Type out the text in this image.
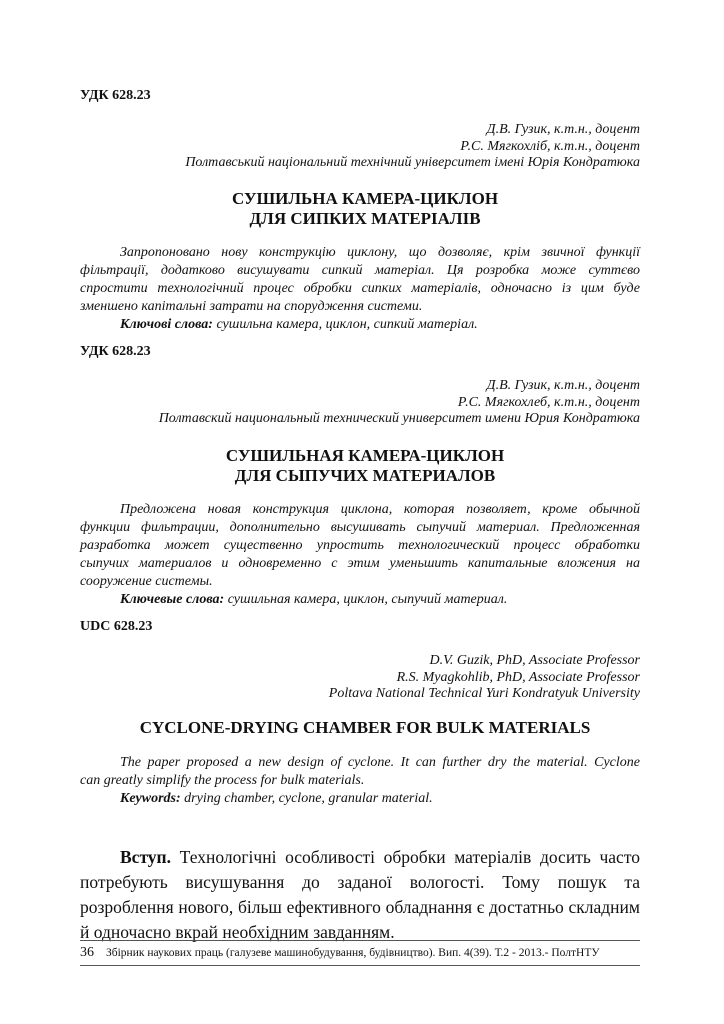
УДК 628.23
Д.В. Гузик, к.т.н., доцент
Р.С. Мягкохліб, к.т.н., доцент
Полтавський національний технічний університет імені Юрія Кондратюка
СУШИЛЬНА КАМЕРА-ЦИКЛОН
ДЛЯ СИПКИХ МАТЕРІАЛІВ
Запропоновано нову конструкцію циклону, що дозволяє, крім звичної функції
фільтрації, додатково висушувати сипкий матеріал. Ця розробка може суттєво
спростити технологічний процес обробки сипких матеріалів, одночасно із цим буде
зменшено капітальні затрати на спорудження системи.
Ключові слова: сушильна камера, циклон, сипкий матеріал.
УДК 628.23
Д.В. Гузик, к.т.н., доцент
Р.С. Мягкохлеб, к.т.н., доцент
Полтавский национальный технический университет имени Юрия Кондратюка
СУШИЛЬНАЯ КАМЕРА-ЦИКЛОН
ДЛЯ СЫПУЧИХ МАТЕРИАЛОВ
Предложена новая конструкция циклона, которая позволяет, кроме обычной
функции фильтрации, дополнительно высушивать сыпучий материал. Предложенная
разработка может существенно упростить технологический процесс обработки
сыпучих материалов и одновременно с этим уменьшить капитальные вложения на
сооружение системы.
Ключевые слова: сушильная камера, циклон, сыпучий материал.
UDC 628.23
D.V. Guzik, PhD, Associate Professor
R.S. Myagkohlib, PhD, Associate Professor
Poltava National Technical Yuri Kondratyuk University
CYCLONE-DRYING CHAMBER FOR BULK MATERIALS
The paper proposed a new design of cyclone. It can further dry the material. Cyclone
can greatly simplify the process for bulk materials.
Keywords: drying chamber, cyclone, granular material.
Вступ. Технологічні особливості обробки матеріалів досить часто
потребують висушування до заданої вологості. Тому пошук та
розроблення нового, більш ефективного обладнання є достатньо складним
й одночасно вкрай необхідним завданням.
36 Збірник наукових праць (галузеве машинобудування, будівництво). Вип. 4(39). Т.2 - 2013.- ПолтНТУ
